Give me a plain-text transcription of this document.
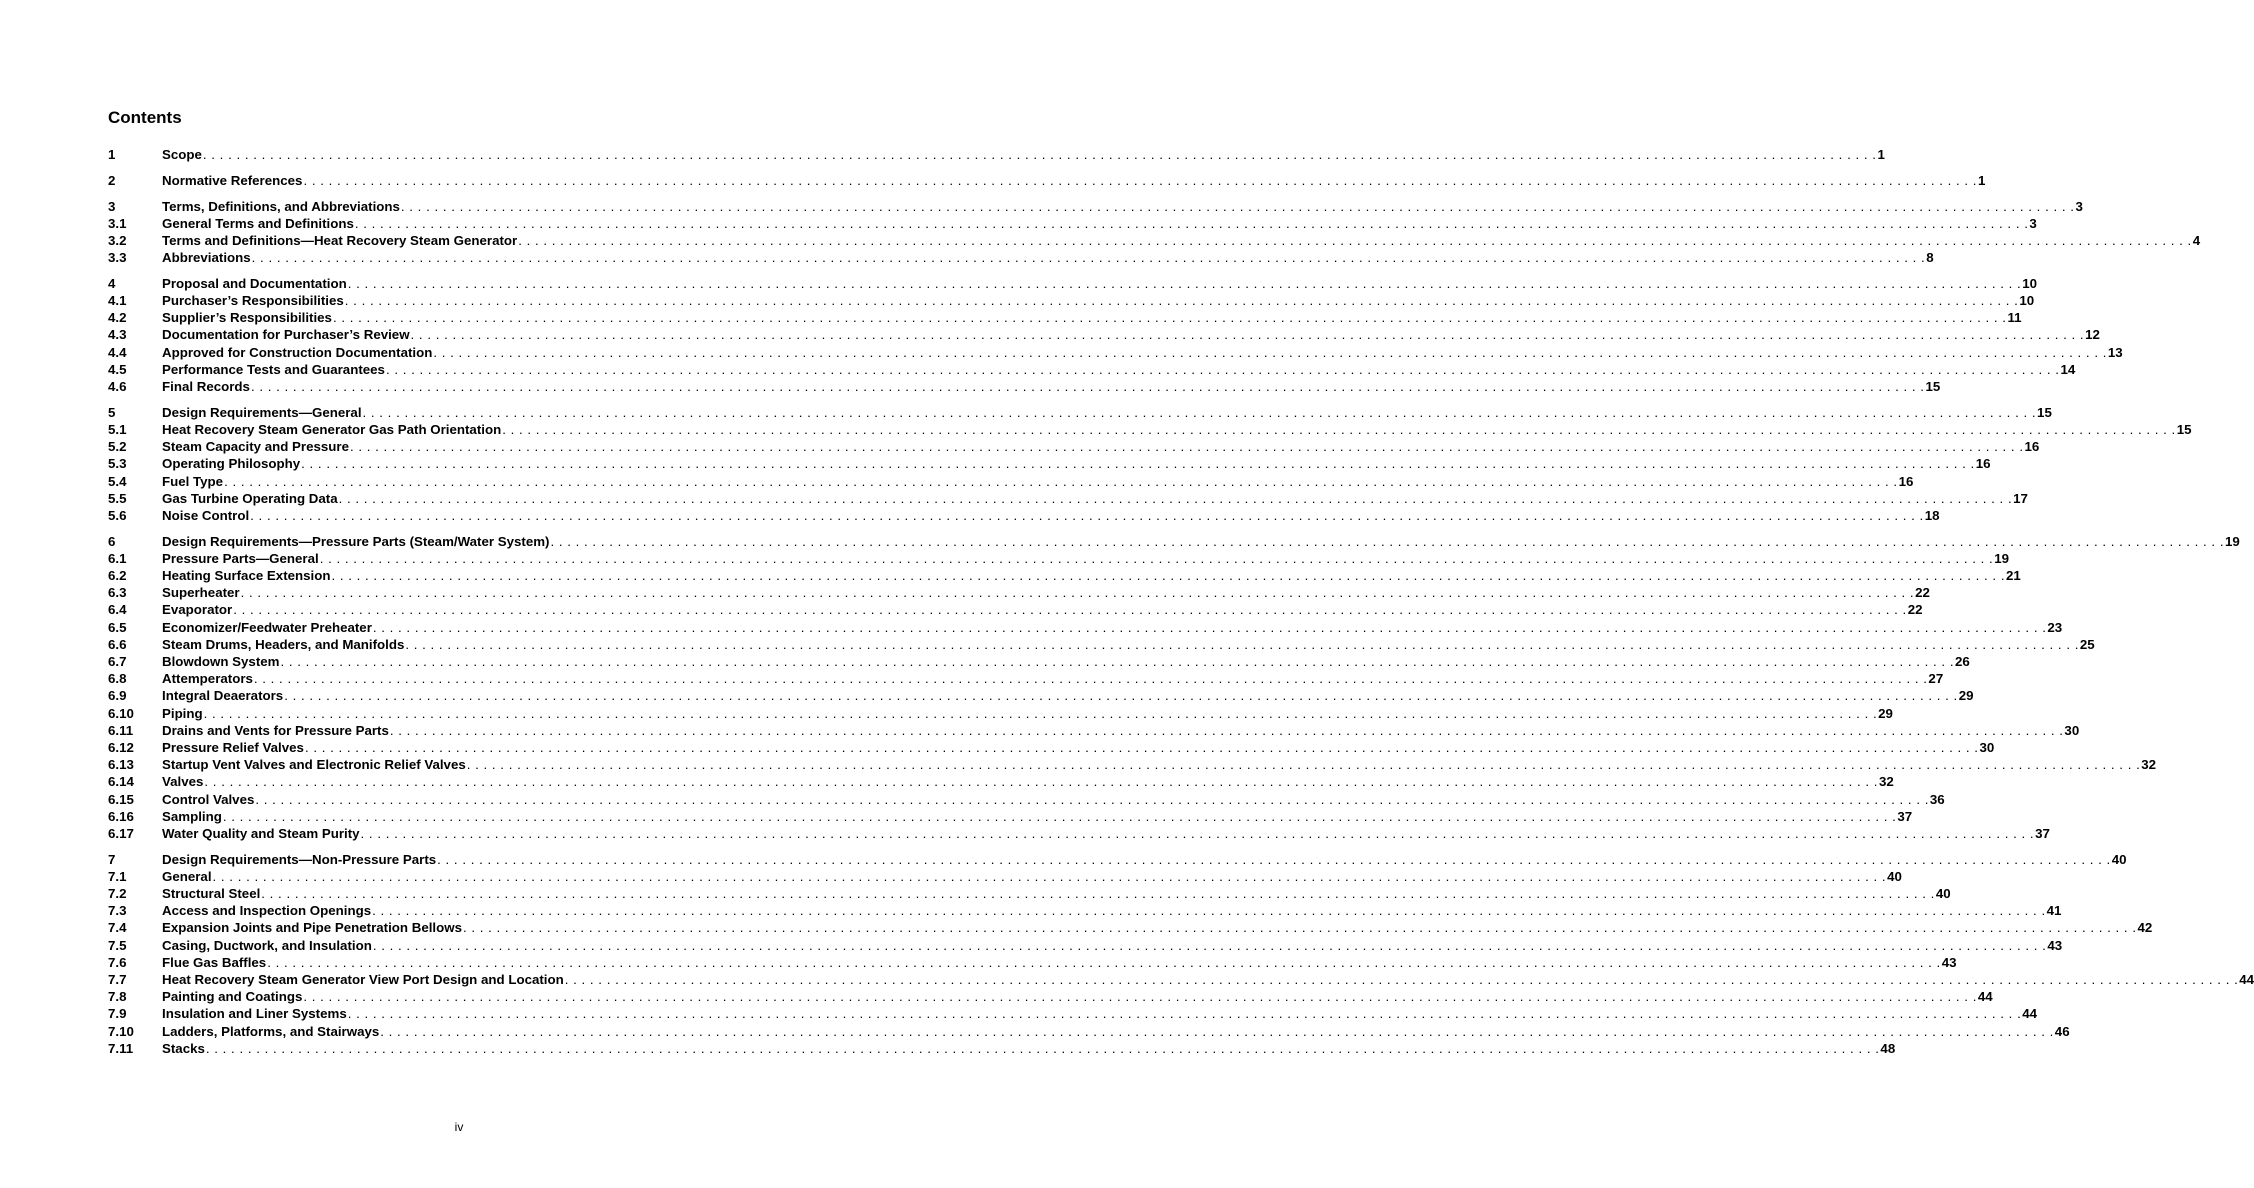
Contents
1	Scope . . . . . . . . . . . . . . . . . . . . . . . . . . . . . . . . . . . . . . . . . . . . . . . . . . . . . . . . . . . . . . . . . . . . . . . . . . . . . . . . . . . . . . . . . . . . . . . . . . . . . . . . . . . . . . . . . . . . . . . . . . . . . . . . . . . . . . . . . . . . . . . . . . . . . . . . . . . . . . . . . . . . . . . . . . . . . . . . . . . . . . . . . . . . . . . . . . . . . . . . 1
2	Normative References . . . . . . . . . . . . . . . . . . . . . . . . . . . . . . . . . . . . . . . . . . . . . . . . . . . . . . . . . . . . . . . . . . . . . . . . . . . . . . . . . . . . . . . . . . . . . . . . . . . . . . . . . . . . . . . . . . . . . . . . . . . . . . . . . . . . . . . . . . . . . . . . . . . . . . . . . . . . . . . . . . . . . . . . . . . . . . . . . . . . . . . . . . . . . . . . . . . . . . . . 1
3	Terms, Definitions, and Abbreviations . . . . . . . . . . . . . . . . . . . . . . . . . . . . . . . . . . . . . . . . . . . . . . . . . . . . . . . . . . . . . . . . . . . . . . . . . . . . . . . . . . . . . . . . . . . . . . . . . . . . . . . . . . . . . . . . . . . . . . . . . . . . . . . . . . . . . . . . . . . . . . . . . . . . . . . . . . . . . . . . . . . . . . . . . . . . . . . . . . . . . . . . . . . . . . . . . . . . . . . . 3
3.1	General Terms and Definitions . . . . . . . . . . . . . . . . . . . . . . . . . . . . . . . . . . . . . . . . . . . . . . . . . . . . . . . . . . . . . . . . . . . . . . . . . . . . . . . . . . . . . . . . . . . . . . . . . . . . . . . . . . . . . . . . . . . . . . . . . . . . . . . . . . . . . . . . . . . . . . . . . . . . . . . . . . . . . . . . . . . . . . . . . . . . . . . . . . . . . . . . . . . . . . . . . . . . . . . . 3
3.2	Terms and Definitions—Heat Recovery Steam Generator . . . . . . . . . . . . . . . . . . . . . . . . . . . . . . . . . . . . . . . . . . . . . . . . . . . . . . . . . . . . . . . . . . . . . . . . . . . . . . . . . . . . . . . . . . . . . . . . . . . . . . . . . . . . . . . . . . . . . . . . . . . . . . . . . . . . . . . . . . . . . . . . . . . . . . . . . . . . . . . . . . . . . . . . . . . . . . . . . . . . . . . . . . . . . . . . . . . . . . . . 4
3.3	Abbreviations . . . . . . . . . . . . . . . . . . . . . . . . . . . . . . . . . . . . . . . . . . . . . . . . . . . . . . . . . . . . . . . . . . . . . . . . . . . . . . . . . . . . . . . . . . . . . . . . . . . . . . . . . . . . . . . . . . . . . . . . . . . . . . . . . . . . . . . . . . . . . . . . . . . . . . . . . . . . . . . . . . . . . . . . . . . . . . . . . . . . . . . . . . . . . . . . . . . . . . . . 8
4	Proposal and Documentation . . . . . . . . . . . . . . . . . . . . . . . . . . . . . . . . . . . . . . . . . . . . . . . . . . . . . . . . . . . . . . . . . . . . . . . . . . . . . . . . . . . . . . . . . . . . . . . . . . . . . . . . . . . . . . . . . . . . . . . . . . . . . . . . . . . . . . . . . . . . . . . . . . . . . . . . . . . . . . . . . . . . . . . . . . . . . . . . . . . . . . . . . . . . . . . . . . . . . . . . 10
4.1	Purchaser’s Responsibilities . . . . . . . . . . . . . . . . . . . . . . . . . . . . . . . . . . . . . . . . . . . . . . . . . . . . . . . . . . . . . . . . . . . . . . . . . . . . . . . . . . . . . . . . . . . . . . . . . . . . . . . . . . . . . . . . . . . . . . . . . . . . . . . . . . . . . . . . . . . . . . . . . . . . . . . . . . . . . . . . . . . . . . . . . . . . . . . . . . . . . . . . . . . . . . . . . . . . . . . . 10
4.2	Supplier’s Responsibilities . . . . . . . . . . . . . . . . . . . . . . . . . . . . . . . . . . . . . . . . . . . . . . . . . . . . . . . . . . . . . . . . . . . . . . . . . . . . . . . . . . . . . . . . . . . . . . . . . . . . . . . . . . . . . . . . . . . . . . . . . . . . . . . . . . . . . . . . . . . . . . . . . . . . . . . . . . . . . . . . . . . . . . . . . . . . . . . . . . . . . . . . . . . . . . . . . . . . . . . . 11
4.3	Documentation for Purchaser’s Review . . . . . . . . . . . . . . . . . . . . . . . . . . . . . . . . . . . . . . . . . . . . . . . . . . . . . . . . . . . . . . . . . . . . . . . . . . . . . . . . . . . . . . . . . . . . . . . . . . . . . . . . . . . . . . . . . . . . . . . . . . . . . . . . . . . . . . . . . . . . . . . . . . . . . . . . . . . . . . . . . . . . . . . . . . . . . . . . . . . . . . . . . . . . . . . . . . . . . . . . 12
4.4	Approved for Construction Documentation . . . . . . . . . . . . . . . . . . . . . . . . . . . . . . . . . . . . . . . . . . . . . . . . . . . . . . . . . . . . . . . . . . . . . . . . . . . . . . . . . . . . . . . . . . . . . . . . . . . . . . . . . . . . . . . . . . . . . . . . . . . . . . . . . . . . . . . . . . . . . . . . . . . . . . . . . . . . . . . . . . . . . . . . . . . . . . . . . . . . . . . . . . . . . . . . . . . . . . . . 13
4.5	Performance Tests and Guarantees . . . . . . . . . . . . . . . . . . . . . . . . . . . . . . . . . . . . . . . . . . . . . . . . . . . . . . . . . . . . . . . . . . . . . . . . . . . . . . . . . . . . . . . . . . . . . . . . . . . . . . . . . . . . . . . . . . . . . . . . . . . . . . . . . . . . . . . . . . . . . . . . . . . . . . . . . . . . . . . . . . . . . . . . . . . . . . . . . . . . . . . . . . . . . . . . . . . . . . . . 14
4.6	Final Records . . . . . . . . . . . . . . . . . . . . . . . . . . . . . . . . . . . . . . . . . . . . . . . . . . . . . . . . . . . . . . . . . . . . . . . . . . . . . . . . . . . . . . . . . . . . . . . . . . . . . . . . . . . . . . . . . . . . . . . . . . . . . . . . . . . . . . . . . . . . . . . . . . . . . . . . . . . . . . . . . . . . . . . . . . . . . . . . . . . . . . . . . . . . . . . . . . . . . . . . 15
5	Design Requirements—General . . . . . . . . . . . . . . . . . . . . . . . . . . . . . . . . . . . . . . . . . . . . . . . . . . . . . . . . . . . . . . . . . . . . . . . . . . . . . . . . . . . . . . . . . . . . . . . . . . . . . . . . . . . . . . . . . . . . . . . . . . . . . . . . . . . . . . . . . . . . . . . . . . . . . . . . . . . . . . . . . . . . . . . . . . . . . . . . . . . . . . . . . . . . . . . . . . . . . . . . 15
5.1	Heat Recovery Steam Generator Gas Path Orientation . . . . . . . . . . . . . . . . . . . . . . . . . . . . . . . . . . . . . . . . . . . . . . . . . . . . . . . . . . . . . . . . . . . . . . . . . . . . . . . . . . . . . . . . . . . . . . . . . . . . . . . . . . . . . . . . . . . . . . . . . . . . . . . . . . . . . . . . . . . . . . . . . . . . . . . . . . . . . . . . . . . . . . . . . . . . . . . . . . . . . . . . . . . . . . . . . . . . . . . . 15
5.2	Steam Capacity and Pressure . . . . . . . . . . . . . . . . . . . . . . . . . . . . . . . . . . . . . . . . . . . . . . . . . . . . . . . . . . . . . . . . . . . . . . . . . . . . . . . . . . . . . . . . . . . . . . . . . . . . . . . . . . . . . . . . . . . . . . . . . . . . . . . . . . . . . . . . . . . . . . . . . . . . . . . . . . . . . . . . . . . . . . . . . . . . . . . . . . . . . . . . . . . . . . . . . . . . . . . . 16
5.3	Operating Philosophy . . . . . . . . . . . . . . . . . . . . . . . . . . . . . . . . . . . . . . . . . . . . . . . . . . . . . . . . . . . . . . . . . . . . . . . . . . . . . . . . . . . . . . . . . . . . . . . . . . . . . . . . . . . . . . . . . . . . . . . . . . . . . . . . . . . . . . . . . . . . . . . . . . . . . . . . . . . . . . . . . . . . . . . . . . . . . . . . . . . . . . . . . . . . . . . . . . . . . . . . 16
5.4	Fuel Type . . . . . . . . . . . . . . . . . . . . . . . . . . . . . . . . . . . . . . . . . . . . . . . . . . . . . . . . . . . . . . . . . . . . . . . . . . . . . . . . . . . . . . . . . . . . . . . . . . . . . . . . . . . . . . . . . . . . . . . . . . . . . . . . . . . . . . . . . . . . . . . . . . . . . . . . . . . . . . . . . . . . . . . . . . . . . . . . . . . . . . . . . . . . . . . . . . . . . . . . 16
5.5	Gas Turbine Operating Data . . . . . . . . . . . . . . . . . . . . . . . . . . . . . . . . . . . . . . . . . . . . . . . . . . . . . . . . . . . . . . . . . . . . . . . . . . . . . . . . . . . . . . . . . . . . . . . . . . . . . . . . . . . . . . . . . . . . . . . . . . . . . . . . . . . . . . . . . . . . . . . . . . . . . . . . . . . . . . . . . . . . . . . . . . . . . . . . . . . . . . . . . . . . . . . . . . . . . . . . 17
5.6	Noise Control . . . . . . . . . . . . . . . . . . . . . . . . . . . . . . . . . . . . . . . . . . . . . . . . . . . . . . . . . . . . . . . . . . . . . . . . . . . . . . . . . . . . . . . . . . . . . . . . . . . . . . . . . . . . . . . . . . . . . . . . . . . . . . . . . . . . . . . . . . . . . . . . . . . . . . . . . . . . . . . . . . . . . . . . . . . . . . . . . . . . . . . . . . . . . . . . . . . . . . . . 18
6	Design Requirements—Pressure Parts (Steam/Water System) . . . . . . . . . . . . . . . . . . . . . . . . . . . . . . . . . . . . . . . . . . . . . . . . . . . . . . . . . . . . . . . . . . . . . . . . . . . . . . . . . . . . . . . . . . . . . . . . . . . . . . . . . . . . . . . . . . . . . . . . . . . . . . . . . . . . . . . . . . . . . . . . . . . . . . . . . . . . . . . . . . . . . . . . . . . . . . . . . . . . . . . . . . . . . . . . . . . . . . . . 19
6.1	Pressure Parts—General . . . . . . . . . . . . . . . . . . . . . . . . . . . . . . . . . . . . . . . . . . . . . . . . . . . . . . . . . . . . . . . . . . . . . . . . . . . . . . . . . . . . . . . . . . . . . . . . . . . . . . . . . . . . . . . . . . . . . . . . . . . . . . . . . . . . . . . . . . . . . . . . . . . . . . . . . . . . . . . . . . . . . . . . . . . . . . . . . . . . . . . . . . . . . . . . . . . . . . . . 19
6.2	Heating Surface Extension . . . . . . . . . . . . . . . . . . . . . . . . . . . . . . . . . . . . . . . . . . . . . . . . . . . . . . . . . . . . . . . . . . . . . . . . . . . . . . . . . . . . . . . . . . . . . . . . . . . . . . . . . . . . . . . . . . . . . . . . . . . . . . . . . . . . . . . . . . . . . . . . . . . . . . . . . . . . . . . . . . . . . . . . . . . . . . . . . . . . . . . . . . . . . . . . . . . . . . . . 21
6.3	Superheater . . . . . . . . . . . . . . . . . . . . . . . . . . . . . . . . . . . . . . . . . . . . . . . . . . . . . . . . . . . . . . . . . . . . . . . . . . . . . . . . . . . . . . . . . . . . . . . . . . . . . . . . . . . . . . . . . . . . . . . . . . . . . . . . . . . . . . . . . . . . . . . . . . . . . . . . . . . . . . . . . . . . . . . . . . . . . . . . . . . . . . . . . . . . . . . . . . . . . . . . 22
6.4	Evaporator . . . . . . . . . . . . . . . . . . . . . . . . . . . . . . . . . . . . . . . . . . . . . . . . . . . . . . . . . . . . . . . . . . . . . . . . . . . . . . . . . . . . . . . . . . . . . . . . . . . . . . . . . . . . . . . . . . . . . . . . . . . . . . . . . . . . . . . . . . . . . . . . . . . . . . . . . . . . . . . . . . . . . . . . . . . . . . . . . . . . . . . . . . . . . . . . . . . . . . . . 22
6.5	Economizer/Feedwater Preheater . . . . . . . . . . . . . . . . . . . . . . . . . . . . . . . . . . . . . . . . . . . . . . . . . . . . . . . . . . . . . . . . . . . . . . . . . . . . . . . . . . . . . . . . . . . . . . . . . . . . . . . . . . . . . . . . . . . . . . . . . . . . . . . . . . . . . . . . . . . . . . . . . . . . . . . . . . . . . . . . . . . . . . . . . . . . . . . . . . . . . . . . . . . . . . . . . . . . . . . . 23
6.6	Steam Drums, Headers, and Manifolds . . . . . . . . . . . . . . . . . . . . . . . . . . . . . . . . . . . . . . . . . . . . . . . . . . . . . . . . . . . . . . . . . . . . . . . . . . . . . . . . . . . . . . . . . . . . . . . . . . . . . . . . . . . . . . . . . . . . . . . . . . . . . . . . . . . . . . . . . . . . . . . . . . . . . . . . . . . . . . . . . . . . . . . . . . . . . . . . . . . . . . . . . . . . . . . . . . . . . . . . 25
6.7	Blowdown System . . . . . . . . . . . . . . . . . . . . . . . . . . . . . . . . . . . . . . . . . . . . . . . . . . . . . . . . . . . . . . . . . . . . . . . . . . . . . . . . . . . . . . . . . . . . . . . . . . . . . . . . . . . . . . . . . . . . . . . . . . . . . . . . . . . . . . . . . . . . . . . . . . . . . . . . . . . . . . . . . . . . . . . . . . . . . . . . . . . . . . . . . . . . . . . . . . . . . . . . 26
6.8	Attemperators . . . . . . . . . . . . . . . . . . . . . . . . . . . . . . . . . . . . . . . . . . . . . . . . . . . . . . . . . . . . . . . . . . . . . . . . . . . . . . . . . . . . . . . . . . . . . . . . . . . . . . . . . . . . . . . . . . . . . . . . . . . . . . . . . . . . . . . . . . . . . . . . . . . . . . . . . . . . . . . . . . . . . . . . . . . . . . . . . . . . . . . . . . . . . . . . . . . . . . . . 27
6.9	Integral Deaerators . . . . . . . . . . . . . . . . . . . . . . . . . . . . . . . . . . . . . . . . . . . . . . . . . . . . . . . . . . . . . . . . . . . . . . . . . . . . . . . . . . . . . . . . . . . . . . . . . . . . . . . . . . . . . . . . . . . . . . . . . . . . . . . . . . . . . . . . . . . . . . . . . . . . . . . . . . . . . . . . . . . . . . . . . . . . . . . . . . . . . . . . . . . . . . . . . . . . . . . . 29
6.10	Piping . . . . . . . . . . . . . . . . . . . . . . . . . . . . . . . . . . . . . . . . . . . . . . . . . . . . . . . . . . . . . . . . . . . . . . . . . . . . . . . . . . . . . . . . . . . . . . . . . . . . . . . . . . . . . . . . . . . . . . . . . . . . . . . . . . . . . . . . . . . . . . . . . . . . . . . . . . . . . . . . . . . . . . . . . . . . . . . . . . . . . . . . . . . . . . . . . . . . . . . . 29
6.11	Drains and Vents for Pressure Parts . . . . . . . . . . . . . . . . . . . . . . . . . . . . . . . . . . . . . . . . . . . . . . . . . . . . . . . . . . . . . . . . . . . . . . . . . . . . . . . . . . . . . . . . . . . . . . . . . . . . . . . . . . . . . . . . . . . . . . . . . . . . . . . . . . . . . . . . . . . . . . . . . . . . . . . . . . . . . . . . . . . . . . . . . . . . . . . . . . . . . . . . . . . . . . . . . . . . . . . . 30
6.12	Pressure Relief Valves . . . . . . . . . . . . . . . . . . . . . . . . . . . . . . . . . . . . . . . . . . . . . . . . . . . . . . . . . . . . . . . . . . . . . . . . . . . . . . . . . . . . . . . . . . . . . . . . . . . . . . . . . . . . . . . . . . . . . . . . . . . . . . . . . . . . . . . . . . . . . . . . . . . . . . . . . . . . . . . . . . . . . . . . . . . . . . . . . . . . . . . . . . . . . . . . . . . . . . . . 30
6.13	Startup Vent Valves and Electronic Relief Valves . . . . . . . . . . . . . . . . . . . . . . . . . . . . . . . . . . . . . . . . . . . . . . . . . . . . . . . . . . . . . . . . . . . . . . . . . . . . . . . . . . . . . . . . . . . . . . . . . . . . . . . . . . . . . . . . . . . . . . . . . . . . . . . . . . . . . . . . . . . . . . . . . . . . . . . . . . . . . . . . . . . . . . . . . . . . . . . . . . . . . . . . . . . . . . . . . . . . . . . . 32
6.14	Valves . . . . . . . . . . . . . . . . . . . . . . . . . . . . . . . . . . . . . . . . . . . . . . . . . . . . . . . . . . . . . . . . . . . . . . . . . . . . . . . . . . . . . . . . . . . . . . . . . . . . . . . . . . . . . . . . . . . . . . . . . . . . . . . . . . . . . . . . . . . . . . . . . . . . . . . . . . . . . . . . . . . . . . . . . . . . . . . . . . . . . . . . . . . . . . . . . . . . . . . . 32
6.15	Control Valves . . . . . . . . . . . . . . . . . . . . . . . . . . . . . . . . . . . . . . . . . . . . . . . . . . . . . . . . . . . . . . . . . . . . . . . . . . . . . . . . . . . . . . . . . . . . . . . . . . . . . . . . . . . . . . . . . . . . . . . . . . . . . . . . . . . . . . . . . . . . . . . . . . . . . . . . . . . . . . . . . . . . . . . . . . . . . . . . . . . . . . . . . . . . . . . . . . . . . . . . 36
6.16	Sampling . . . . . . . . . . . . . . . . . . . . . . . . . . . . . . . . . . . . . . . . . . . . . . . . . . . . . . . . . . . . . . . . . . . . . . . . . . . . . . . . . . . . . . . . . . . . . . . . . . . . . . . . . . . . . . . . . . . . . . . . . . . . . . . . . . . . . . . . . . . . . . . . . . . . . . . . . . . . . . . . . . . . . . . . . . . . . . . . . . . . . . . . . . . . . . . . . . . . . . . . 37
6.17	Water Quality and Steam Purity . . . . . . . . . . . . . . . . . . . . . . . . . . . . . . . . . . . . . . . . . . . . . . . . . . . . . . . . . . . . . . . . . . . . . . . . . . . . . . . . . . . . . . . . . . . . . . . . . . . . . . . . . . . . . . . . . . . . . . . . . . . . . . . . . . . . . . . . . . . . . . . . . . . . . . . . . . . . . . . . . . . . . . . . . . . . . . . . . . . . . . . . . . . . . . . . . . . . . . . . 37
7	Design Requirements—Non-Pressure Parts . . . . . . . . . . . . . . . . . . . . . . . . . . . . . . . . . . . . . . . . . . . . . . . . . . . . . . . . . . . . . . . . . . . . . . . . . . . . . . . . . . . . . . . . . . . . . . . . . . . . . . . . . . . . . . . . . . . . . . . . . . . . . . . . . . . . . . . . . . . . . . . . . . . . . . . . . . . . . . . . . . . . . . . . . . . . . . . . . . . . . . . . . . . . . . . . . . . . . . . . 40
7.1	General . . . . . . . . . . . . . . . . . . . . . . . . . . . . . . . . . . . . . . . . . . . . . . . . . . . . . . . . . . . . . . . . . . . . . . . . . . . . . . . . . . . . . . . . . . . . . . . . . . . . . . . . . . . . . . . . . . . . . . . . . . . . . . . . . . . . . . . . . . . . . . . . . . . . . . . . . . . . . . . . . . . . . . . . . . . . . . . . . . . . . . . . . . . . . . . . . . . . . . . . 40
7.2	Structural Steel . . . . . . . . . . . . . . . . . . . . . . . . . . . . . . . . . . . . . . . . . . . . . . . . . . . . . . . . . . . . . . . . . . . . . . . . . . . . . . . . . . . . . . . . . . . . . . . . . . . . . . . . . . . . . . . . . . . . . . . . . . . . . . . . . . . . . . . . . . . . . . . . . . . . . . . . . . . . . . . . . . . . . . . . . . . . . . . . . . . . . . . . . . . . . . . . . . . . . . . . 40
7.3	Access and Inspection Openings . . . . . . . . . . . . . . . . . . . . . . . . . . . . . . . . . . . . . . . . . . . . . . . . . . . . . . . . . . . . . . . . . . . . . . . . . . . . . . . . . . . . . . . . . . . . . . . . . . . . . . . . . . . . . . . . . . . . . . . . . . . . . . . . . . . . . . . . . . . . . . . . . . . . . . . . . . . . . . . . . . . . . . . . . . . . . . . . . . . . . . . . . . . . . . . . . . . . . . . . 41
7.4	Expansion Joints and Pipe Penetration Bellows . . . . . . . . . . . . . . . . . . . . . . . . . . . . . . . . . . . . . . . . . . . . . . . . . . . . . . . . . . . . . . . . . . . . . . . . . . . . . . . . . . . . . . . . . . . . . . . . . . . . . . . . . . . . . . . . . . . . . . . . . . . . . . . . . . . . . . . . . . . . . . . . . . . . . . . . . . . . . . . . . . . . . . . . . . . . . . . . . . . . . . . . . . . . . . . . . . . . . . . . 42
7.5	Casing, Ductwork, and Insulation . . . . . . . . . . . . . . . . . . . . . . . . . . . . . . . . . . . . . . . . . . . . . . . . . . . . . . . . . . . . . . . . . . . . . . . . . . . . . . . . . . . . . . . . . . . . . . . . . . . . . . . . . . . . . . . . . . . . . . . . . . . . . . . . . . . . . . . . . . . . . . . . . . . . . . . . . . . . . . . . . . . . . . . . . . . . . . . . . . . . . . . . . . . . . . . . . . . . . . . . 43
7.6	Flue Gas Baffles . . . . . . . . . . . . . . . . . . . . . . . . . . . . . . . . . . . . . . . . . . . . . . . . . . . . . . . . . . . . . . . . . . . . . . . . . . . . . . . . . . . . . . . . . . . . . . . . . . . . . . . . . . . . . . . . . . . . . . . . . . . . . . . . . . . . . . . . . . . . . . . . . . . . . . . . . . . . . . . . . . . . . . . . . . . . . . . . . . . . . . . . . . . . . . . . . . . . . . . . 43
7.7	Heat Recovery Steam Generator View Port Design and Location . . . . . . . . . . . . . . . . . . . . . . . . . . . . . . . . . . . . . . . . . . . . . . . . . . . . . . . . . . . . . . . . . . . . . . . . . . . . . . . . . . . . . . . . . . . . . . . . . . . . . . . . . . . . . . . . . . . . . . . . . . . . . . . . . . . . . . . . . . . . . . . . . . . . . . . . . . . . . . . . . . . . . . . . . . . . . . . . . . . . . . . . . . . . . . . . . . . . . . . . 44
7.8	Painting and Coatings . . . . . . . . . . . . . . . . . . . . . . . . . . . . . . . . . . . . . . . . . . . . . . . . . . . . . . . . . . . . . . . . . . . . . . . . . . . . . . . . . . . . . . . . . . . . . . . . . . . . . . . . . . . . . . . . . . . . . . . . . . . . . . . . . . . . . . . . . . . . . . . . . . . . . . . . . . . . . . . . . . . . . . . . . . . . . . . . . . . . . . . . . . . . . . . . . . . . . . . . 44
7.9	Insulation and Liner Systems . . . . . . . . . . . . . . . . . . . . . . . . . . . . . . . . . . . . . . . . . . . . . . . . . . . . . . . . . . . . . . . . . . . . . . . . . . . . . . . . . . . . . . . . . . . . . . . . . . . . . . . . . . . . . . . . . . . . . . . . . . . . . . . . . . . . . . . . . . . . . . . . . . . . . . . . . . . . . . . . . . . . . . . . . . . . . . . . . . . . . . . . . . . . . . . . . . . . . . . . 44
7.10	Ladders, Platforms, and Stairways . . . . . . . . . . . . . . . . . . . . . . . . . . . . . . . . . . . . . . . . . . . . . . . . . . . . . . . . . . . . . . . . . . . . . . . . . . . . . . . . . . . . . . . . . . . . . . . . . . . . . . . . . . . . . . . . . . . . . . . . . . . . . . . . . . . . . . . . . . . . . . . . . . . . . . . . . . . . . . . . . . . . . . . . . . . . . . . . . . . . . . . . . . . . . . . . . . . . . . . . 46
7.11	Stacks . . . . . . . . . . . . . . . . . . . . . . . . . . . . . . . . . . . . . . . . . . . . . . . . . . . . . . . . . . . . . . . . . . . . . . . . . . . . . . . . . . . . . . . . . . . . . . . . . . . . . . . . . . . . . . . . . . . . . . . . . . . . . . . . . . . . . . . . . . . . . . . . . . . . . . . . . . . . . . . . . . . . . . . . . . . . . . . . . . . . . . . . . . . . . . . . . . . . . . . . 48
iv
